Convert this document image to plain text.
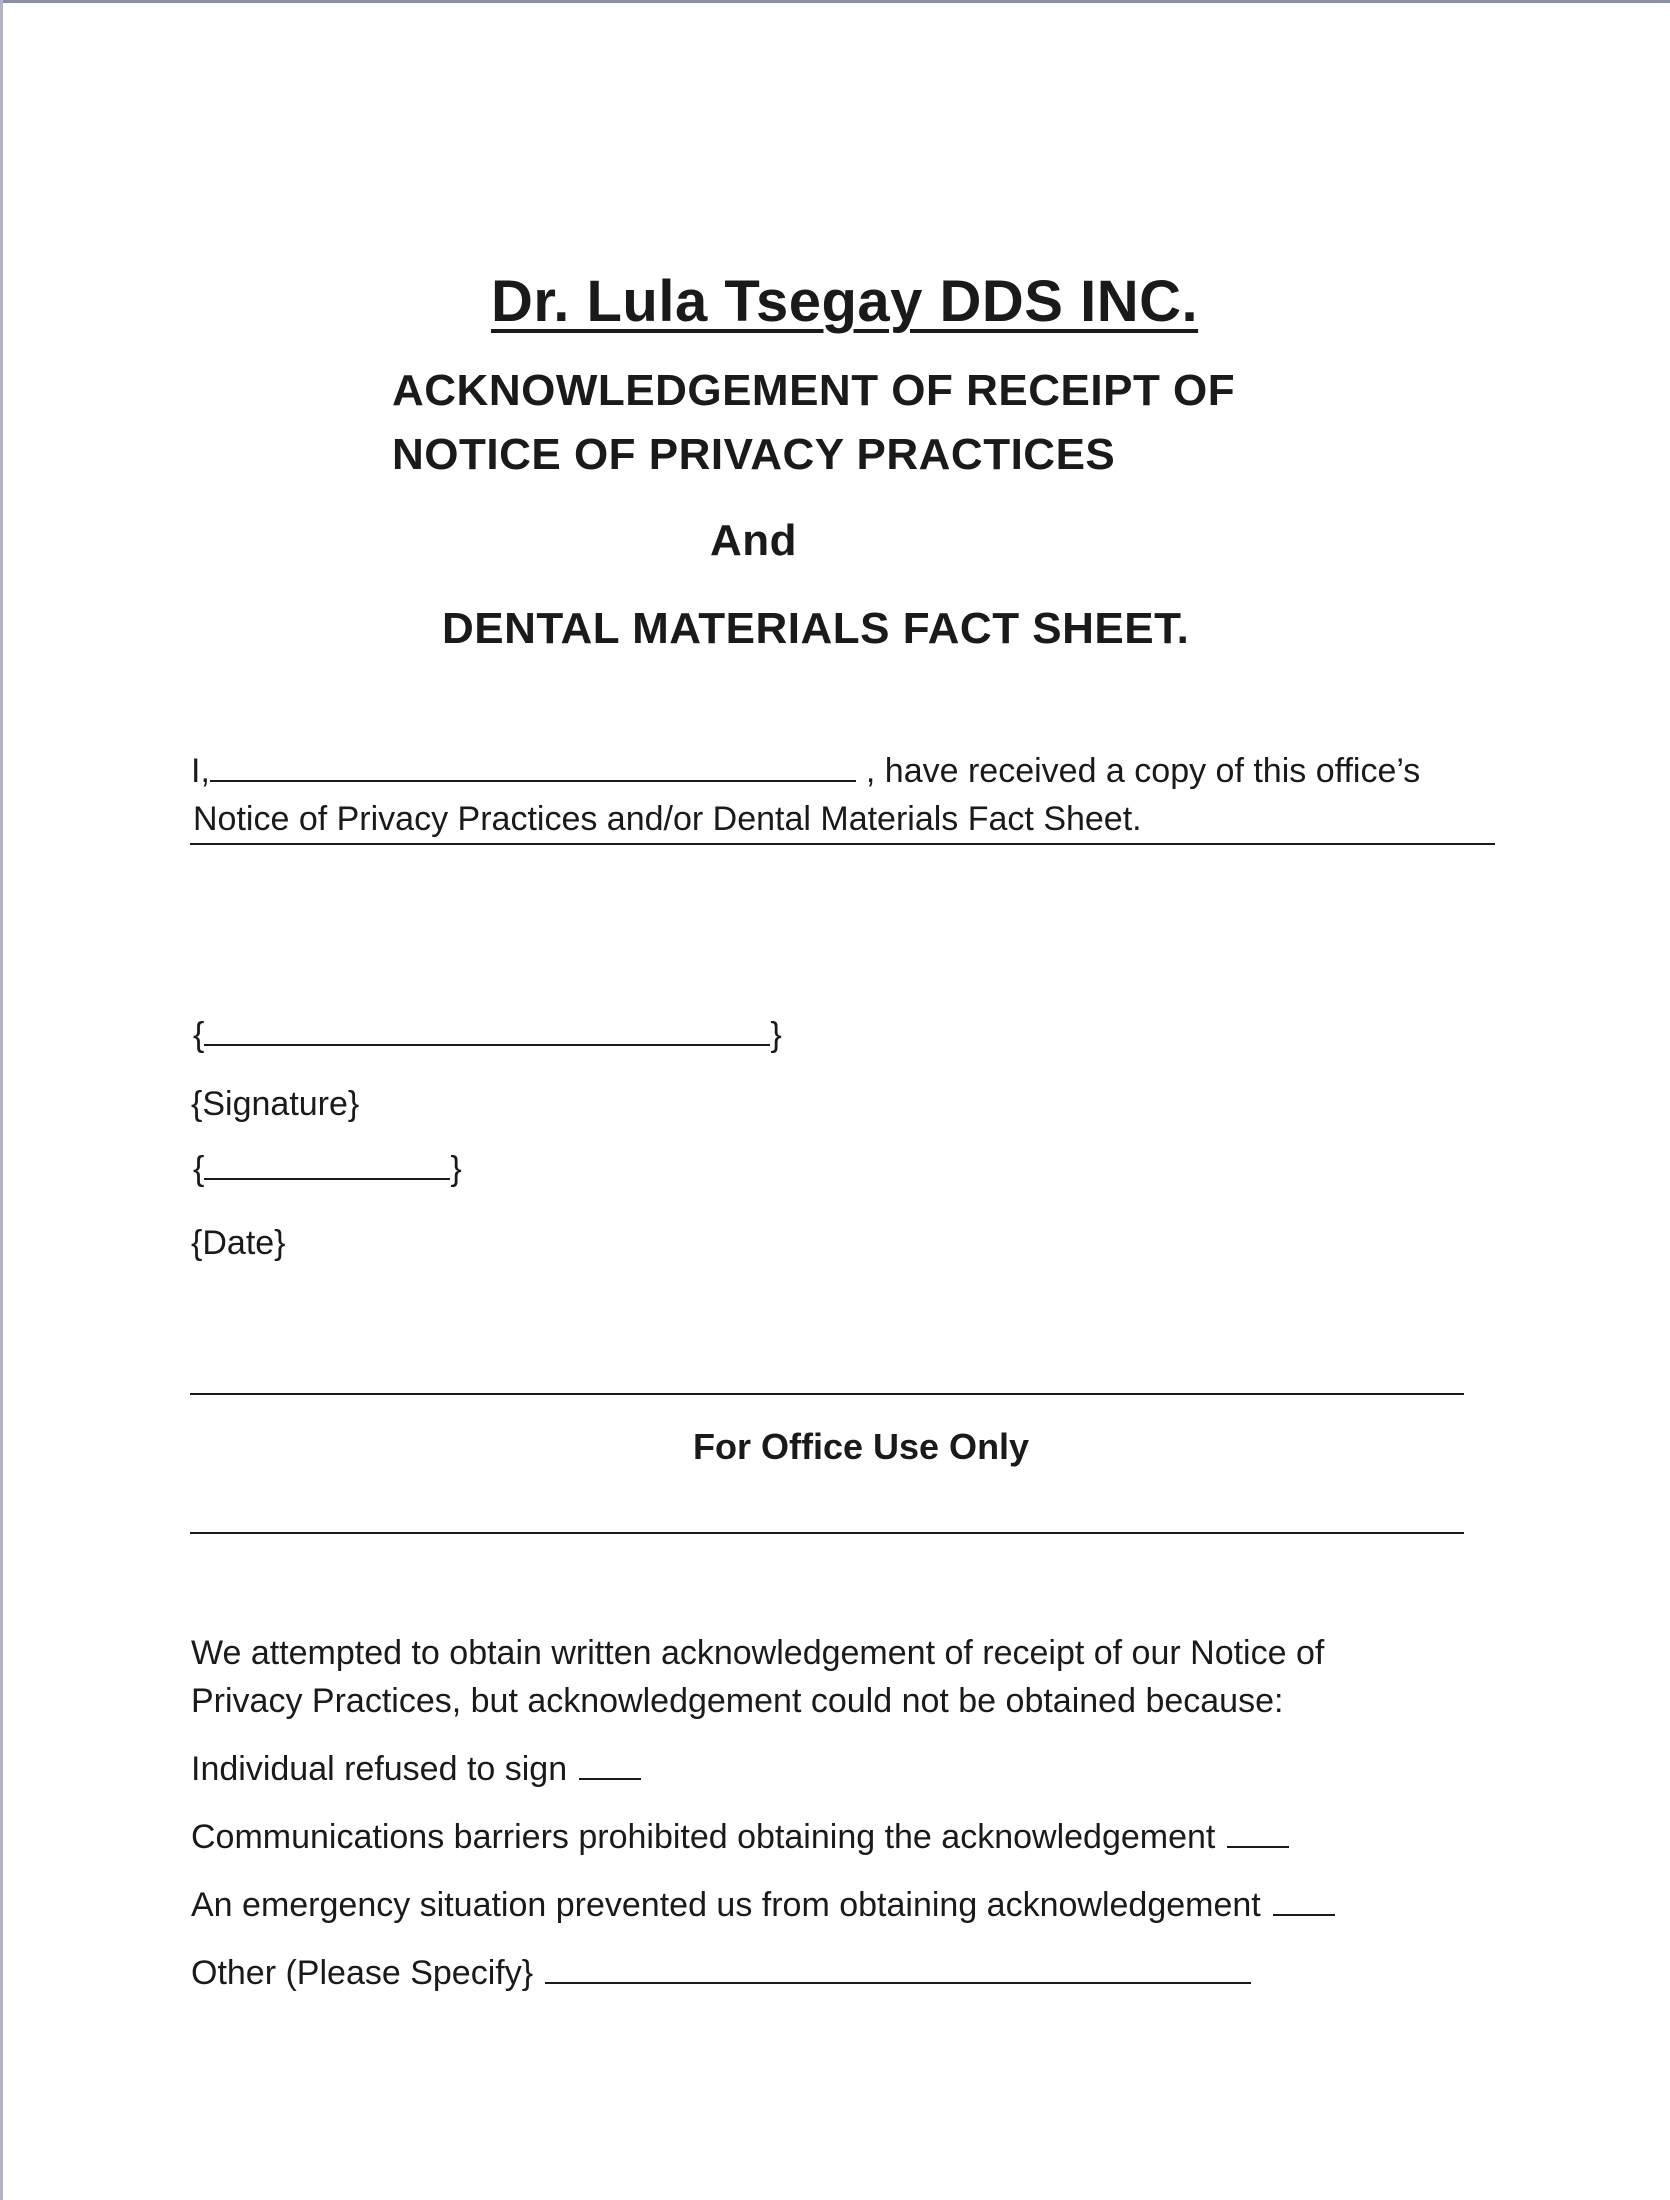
Dr. Lula Tsegay DDS INC.
ACKNOWLEDGEMENT OF RECEIPT OF
NOTICE OF PRIVACY PRACTICES
And
DENTAL MATERIALS FACT SHEET.
I,	, have received a copy of this office’s
Notice of Privacy Practices and/or Dental Materials Fact Sheet.
{	}
{Signature}
{	}
{Date}
For Office Use Only
We attempted to obtain written acknowledgement of receipt of our Notice of
Privacy Practices, but acknowledgement could not be obtained because:
Individual refused to sign
Communications barriers prohibited obtaining the acknowledgement
An emergency situation prevented us from obtaining acknowledgement
Other (Please Specify}
